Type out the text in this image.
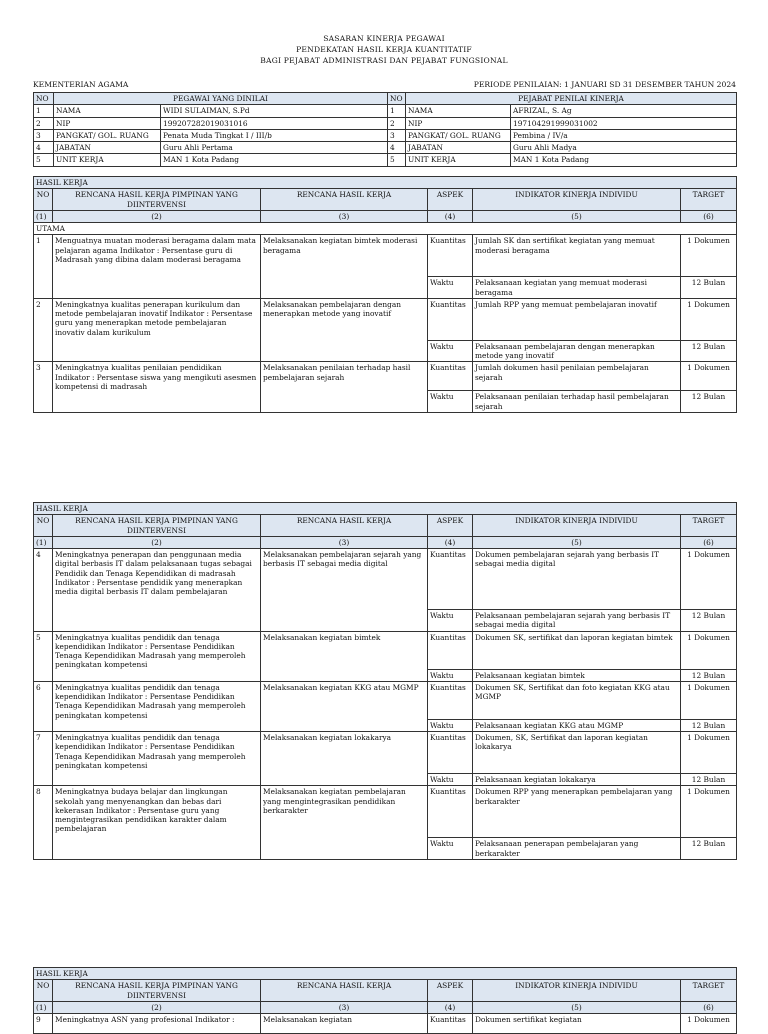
SASARAN KINERJA PEGAWAI
PENDEKATAN HASIL KERJA KUANTITATIF
BAGI PEJABAT ADMINISTRASI DAN PEJABAT FUNGSIONAL
KEMENTERIAN AGAMA	PERIODE PENILAIAN: 1 JANUARI SD 31 DESEMBER TAHUN 2024
NO	PEGAWAI YANG DINILAI		NO	PEJABAT PENILAI KINERJA	
1	NAMA	WIDI SULAIMAN, S.Pd	1	NAMA	AFRIZAL, S. Ag
2	NIP	199207282019031016	2	NIP	197104291999031002
3	PANGKAT/ GOL. RUANG	Penata Muda Tingkat I / III/b	3	PANGKAT/ GOL. RUANG	Pembina / IV/a
4	JABATAN	Guru Ahli Pertama	4	JABATAN	Guru Ahli Madya
5	UNIT KERJA	MAN 1 Kota Padang	5	UNIT KERJA	MAN 1 Kota Padang
HASIL KERJA					
NO	RENCANA HASIL KERJA PIMPINAN YANG DIINTERVENSI	RENCANA HASIL KERJA	ASPEK	INDIKATOR KINERJA INDIVIDU	TARGET
(1)	(2)	(3)	(4)	(5)	(6)
UTAMA					
1	Menguatnya muatan moderasi beragama dalam mata pelajaran agama Indikator : Persentase guru di Madrasah yang dibina dalam moderasi beragama	Melaksanakan kegiatan bimtek moderasi beragama	Kuantitas	Jumlah SK dan sertifikat kegiatan yang memuat moderasi beragama	1 Dokumen
			Waktu	Pelaksanaan kegiatan yang memuat moderasi beragama	12 Bulan
2	Meningkatnya kualitas penerapan kurikulum dan metode pembelajaran inovatif Indikator : Persentase guru yang menerapkan metode pembelajaran inovativ dalam kurikulum	Melaksanakan pembelajaran dengan menerapkan metode yang inovatif	Kuantitas	Jumlah RPP yang memuat pembelajaran inovatif	1 Dokumen
			Waktu	Pelaksanaan pembelajaran dengan menerapkan metode yang inovatif	12 Bulan
3	Meningkatnya kualitas penilaian pendidikan Indikator : Persentase siswa yang mengikuti asesmen kompetensi di madrasah	Melaksanakan penilaian terhadap hasil pembelajaran sejarah	Kuantitas	Jumlah dokumen hasil penilaian pembelajaran sejarah	1 Dokumen
			Waktu	Pelaksanaan penilaian terhadap hasil pembelajaran sejarah	12 Bulan
HASIL KERJA					
NO	RENCANA HASIL KERJA PIMPINAN YANG DIINTERVENSI	RENCANA HASIL KERJA	ASPEK	INDIKATOR KINERJA INDIVIDU	TARGET
(1)	(2)	(3)	(4)	(5)	(6)
4	Meningkatnya penerapan dan penggunaan media digital berbasis IT dalam pelaksanaan tugas sebagai Pendidik dan Tenaga Kependidikan di madrasah Indikator : Persentase pendidik yang menerapkan media digital berbasis IT dalam pembelajaran	Melaksanakan pembelajaran sejarah yang berbasis IT sebagai media digital	Kuantitas	Dokumen pembelajaran sejarah yang berbasis IT sebagai media digital	1 Dokumen
			Waktu	Pelaksanaan pembelajaran sejarah yang berbasis IT sebagai media digital	12 Bulan
5	Meningkatnya kualitas pendidik dan tenaga kependidikan Indikator : Persentase Pendidikan Tenaga Kependidikan Madrasah yang memperoleh peningkatan kompetensi	Melaksanakan kegiatan bimtek	Kuantitas	Dokumen SK, sertifikat dan laporan kegiatan bimtek	1 Dokumen
			Waktu	Pelaksanaan kegiatan bimtek	12 Bulan
6	Meningkatnya kualitas pendidik dan tenaga kependidikan Indikator : Persentase Pendidikan Tenaga Kependidikan Madrasah yang memperoleh peningkatan kompetensi	Melaksanakan kegiatan KKG atau MGMP	Kuantitas	Dokumen SK, Sertifikat dan foto kegiatan KKG atau MGMP	1 Dokumen
			Waktu	Pelaksanaan kegiatan KKG atau MGMP	12 Bulan
7	Meningkatnya kualitas pendidik dan tenaga kependidikan Indikator : Persentase Pendidikan Tenaga Kependidikan Madrasah yang memperoleh peningkatan kompetensi	Melaksanakan kegiatan lokakarya	Kuantitas	Dokumen, SK, Sertifikat dan laporan kegiatan lokakarya	1 Dokumen
			Waktu	Pelaksanaan kegiatan lokakarya	12 Bulan
8	Meningkatnya budaya belajar dan lingkungan sekolah yang menyenangkan dan bebas dari kekerasan Indikator : Persentase guru yang mengintegrasikan pendidikan karakter dalam pembelajaran	Melaksanakan kegiatan pembelajaran yang mengintegrasikan pendidikan berkarakter	Kuantitas	Dokumen RPP yang menerapkan pembelajaran yang berkarakter	1 Dokumen
			Waktu	Pelaksanaan penerapan pembelajaran yang berkarakter	12 Bulan
HASIL KERJA					
NO	RENCANA HASIL KERJA PIMPINAN YANG DIINTERVENSI	RENCANA HASIL KERJA	ASPEK	INDIKATOR KINERJA INDIVIDU	TARGET
(1)	(2)	(3)	(4)	(5)	(6)
9	Meningkatnya ASN yang profesional Indikator :	Melaksanakan kegiatan	Kuantitas	Dokumen sertifikat kegiatan	1 Dokumen
